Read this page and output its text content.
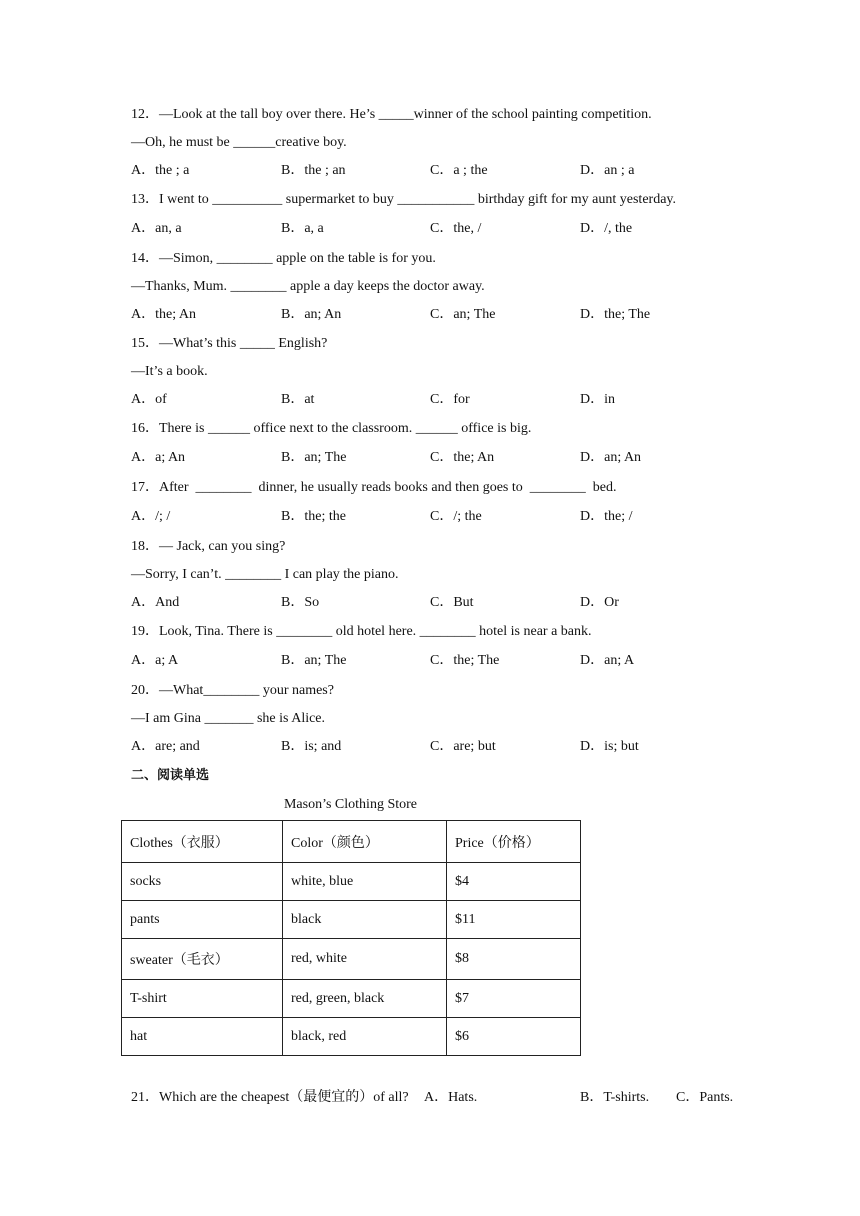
12．—Look at the tall boy over there. He’s _____winner of the school painting competition.
—Oh, he must be ______creative boy.
A．the ; a	B．the ; an	C．a ; the	D．an ; a
13．I went to __________ supermarket to buy ___________ birthday gift for my aunt yesterday.
A．an, a	B．a, a	C．the, /	D．/, the
14．—Simon, ________ apple on the table is for you.
—Thanks, Mum. ________ apple a day keeps the doctor away.
A．the; An	B．an; An	C．an; The	D．the; The
15．—What’s this _____ English?
—It’s a book.
A．of	B．at	C．for	D．in
16．There is ______ office next to the classroom. ______ office is big.
A．a; An	B．an; The	C．the; An	D．an; An
17．After  ________  dinner, he usually reads books and then goes to  ________  bed.
A．/; /	B．the; the	C．/; the	D．the; /
18．— Jack, can you sing?
—Sorry, I can’t. ________ I can play the piano.
A．And	B．So	C．But	D．Or
19．Look, Tina. There is ________ old hotel here. ________ hotel is near a bank.
A．a; A	B．an; The	C．the; The	D．an; A
20．—What________ your names?
—I am Gina _______ she is Alice.
A．are; and	B．is; and	C．are; but	D．is; but
二、阅读单选
Mason’s Clothing Store
Clothes（衣服）	Color（颜色）	Price（价格）
socks	white, blue	$4
pants	black	$11
sweater（毛衣）	red, white	$8
T-shirt	red, green, black	$7
hat	black, red	$6
21．Which are the cheapest（最便宜的）of all? A．Hats.	B．T-shirts. C．Pants.
